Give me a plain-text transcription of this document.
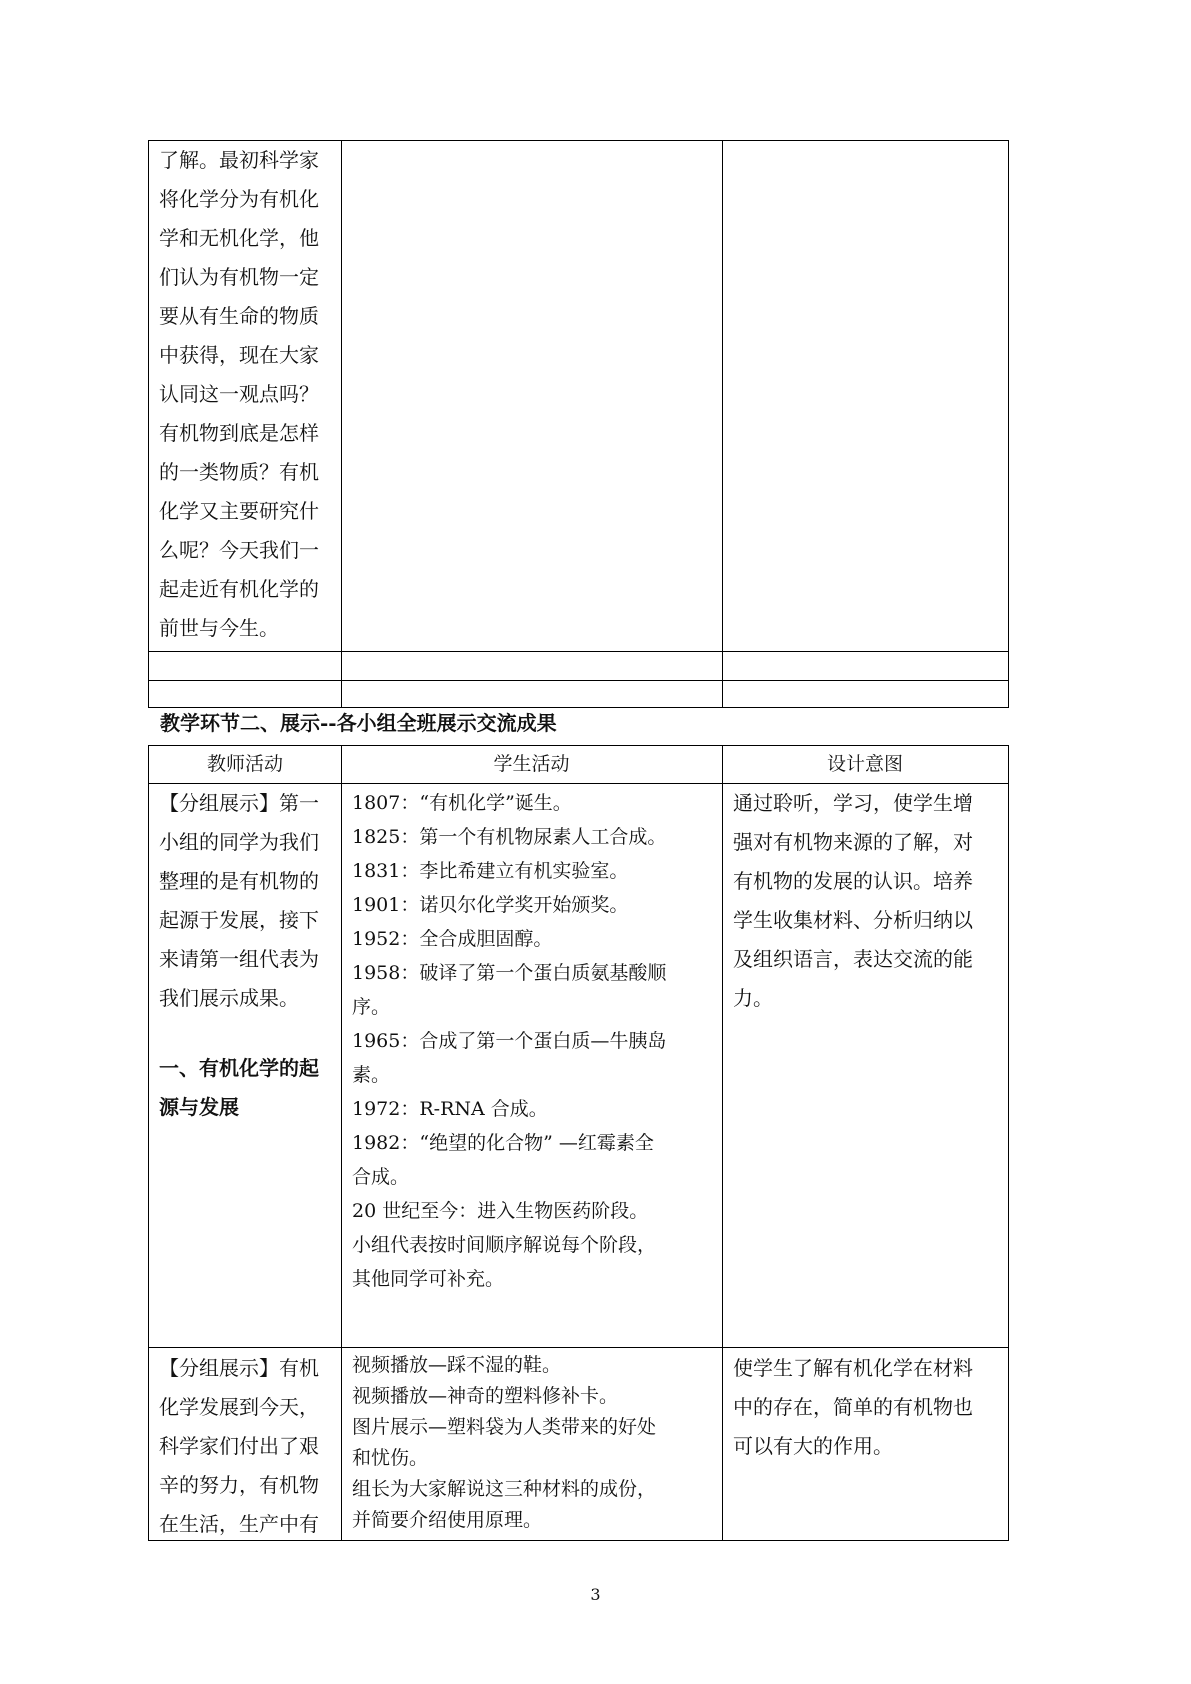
了解。最初科学家
将化学分为有机化
学和无机化学，他
们认为有机物一定
要从有生命的物质
中获得，现在大家
认同这一观点吗？
有机物到底是怎样
的一类物质？有机
化学又主要研究什
么呢？今天我们一
起走近有机化学的
前世与今生。
教学环节二、展示--各小组全班展示交流成果
教师活动	学生活动	设计意图
【分组展示】第一
小组的同学为我们
整理的是有机物的
起源于发展，接下
来请第一组代表为
我们展示成果。
一、有机化学的起
源与发展
1807：“有机化学”诞生。
1825：第一个有机物尿素人工合成。
1831：李比希建立有机实验室。
1901：诺贝尔化学奖开始颁奖。
1952：全合成胆固醇。
1958：破译了第一个蛋白质氨基酸顺
序。
1965：合成了第一个蛋白质—牛胰岛
素。
1972：R-RNA 合成。
1982：“绝望的化合物” —红霉素全
合成。
20 世纪至今：进入生物医药阶段。
小组代表按时间顺序解说每个阶段，
其他同学可补充。
通过聆听，学习，使学生增
强对有机物来源的了解，对
有机物的发展的认识。培养
学生收集材料、分析归纳以
及组织语言，表达交流的能
力。
【分组展示】有机
化学发展到今天，
科学家们付出了艰
辛的努力，有机物
在生活，生产中有
视频播放—踩不湿的鞋。
视频播放—神奇的塑料修补卡。
图片展示—塑料袋为人类带来的好处
和忧伤。
组长为大家解说这三种材料的成份，
并简要介绍使用原理。
使学生了解有机化学在材料
中的存在，简单的有机物也
可以有大的作用。
3
